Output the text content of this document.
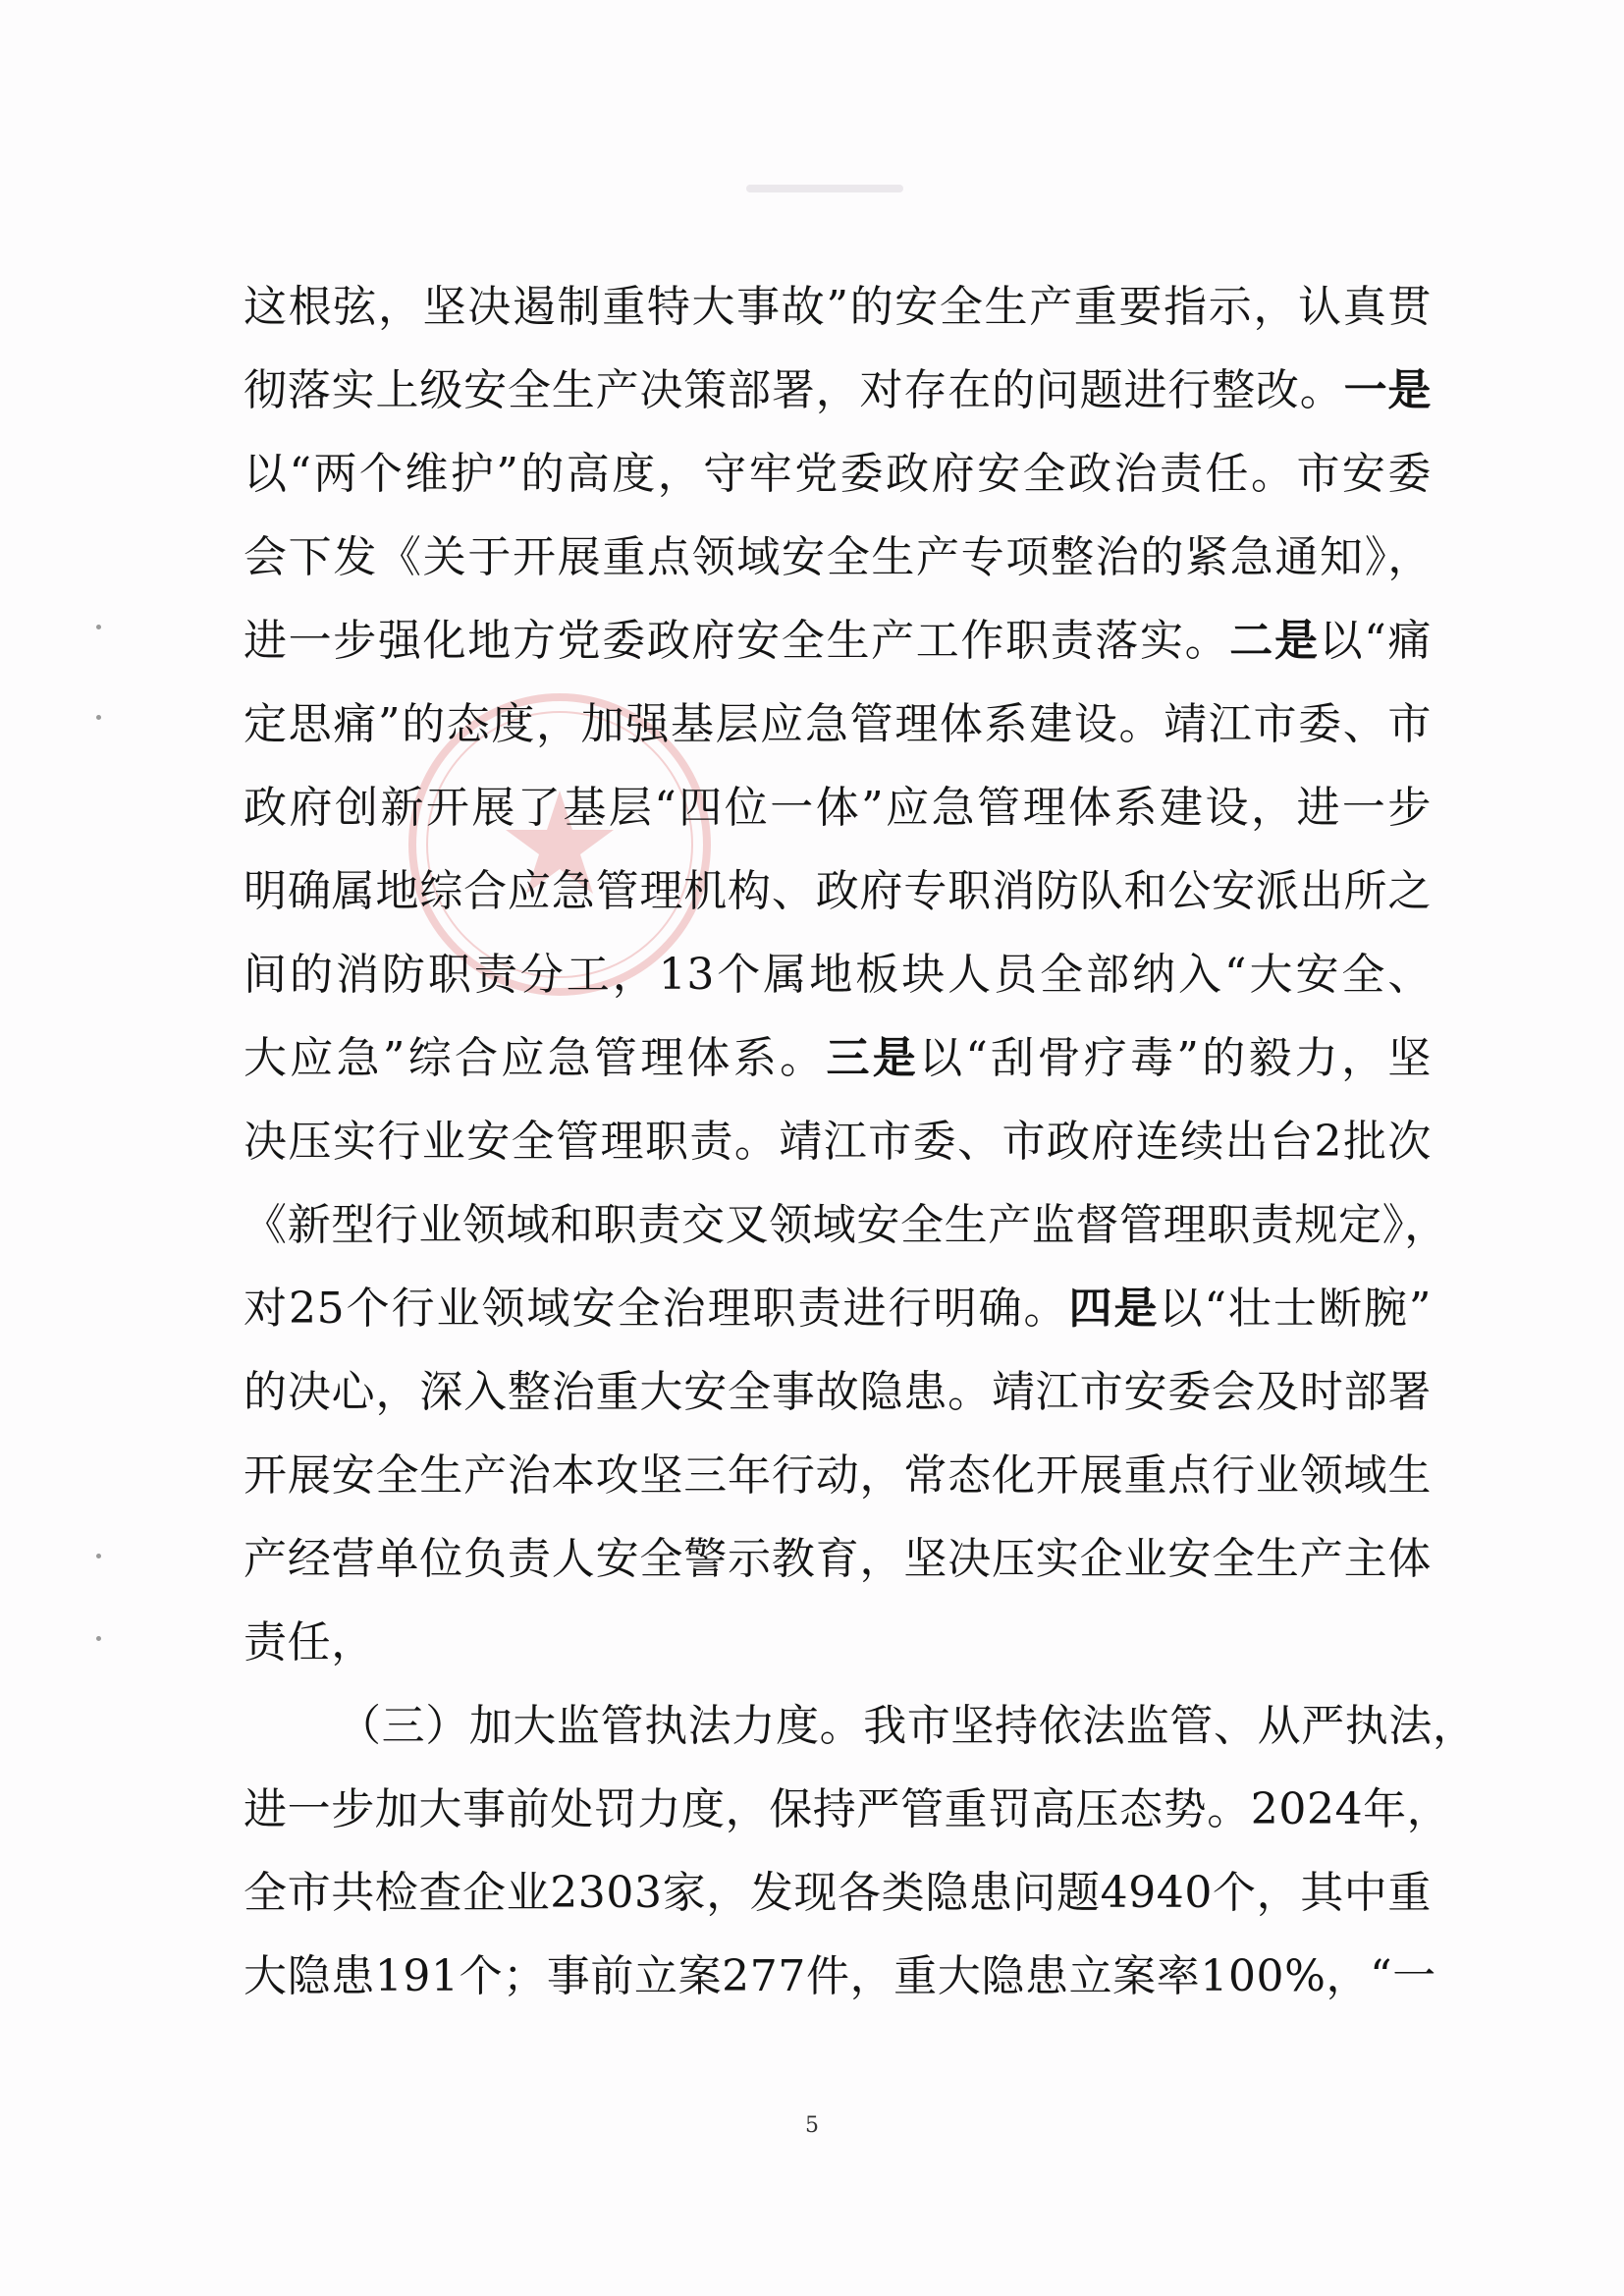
这根弦，坚决遏制重特大事故”的安全生产重要指示，认真贯
彻落实上级安全生产决策部署，对存在的问题进行整改。一是
以“两个维护”的高度，守牢党委政府安全政治责任。市安委
会下发《关于开展重点领域安全生产专项整治的紧急通知》，
进一步强化地方党委政府安全生产工作职责落实。二是以“痛
定思痛”的态度，加强基层应急管理体系建设。靖江市委、市
政府创新开展了基层“四位一体”应急管理体系建设，进一步
明确属地综合应急管理机构、政府专职消防队和公安派出所之
间的消防职责分工，13个属地板块人员全部纳入“大安全、
大应急”综合应急管理体系。三是以“刮骨疗毒”的毅力，坚
决压实行业安全管理职责。靖江市委、市政府连续出台2批次
《新型行业领域和职责交叉领域安全生产监督管理职责规定》，
对25个行业领域安全治理职责进行明确。四是以“壮士断腕”
的决心，深入整治重大安全事故隐患。靖江市安委会及时部署
开展安全生产治本攻坚三年行动，常态化开展重点行业领域生
产经营单位负责人安全警示教育，坚决压实企业安全生产主体
责任，
（三）加大监管执法力度。我市坚持依法监管、从严执法，
进一步加大事前处罚力度，保持严管重罚高压态势。2024年，
全市共检查企业2303家，发现各类隐患问题4940个，其中重
大隐患191个；事前立案277件，重大隐患立案率100%，“一
5
